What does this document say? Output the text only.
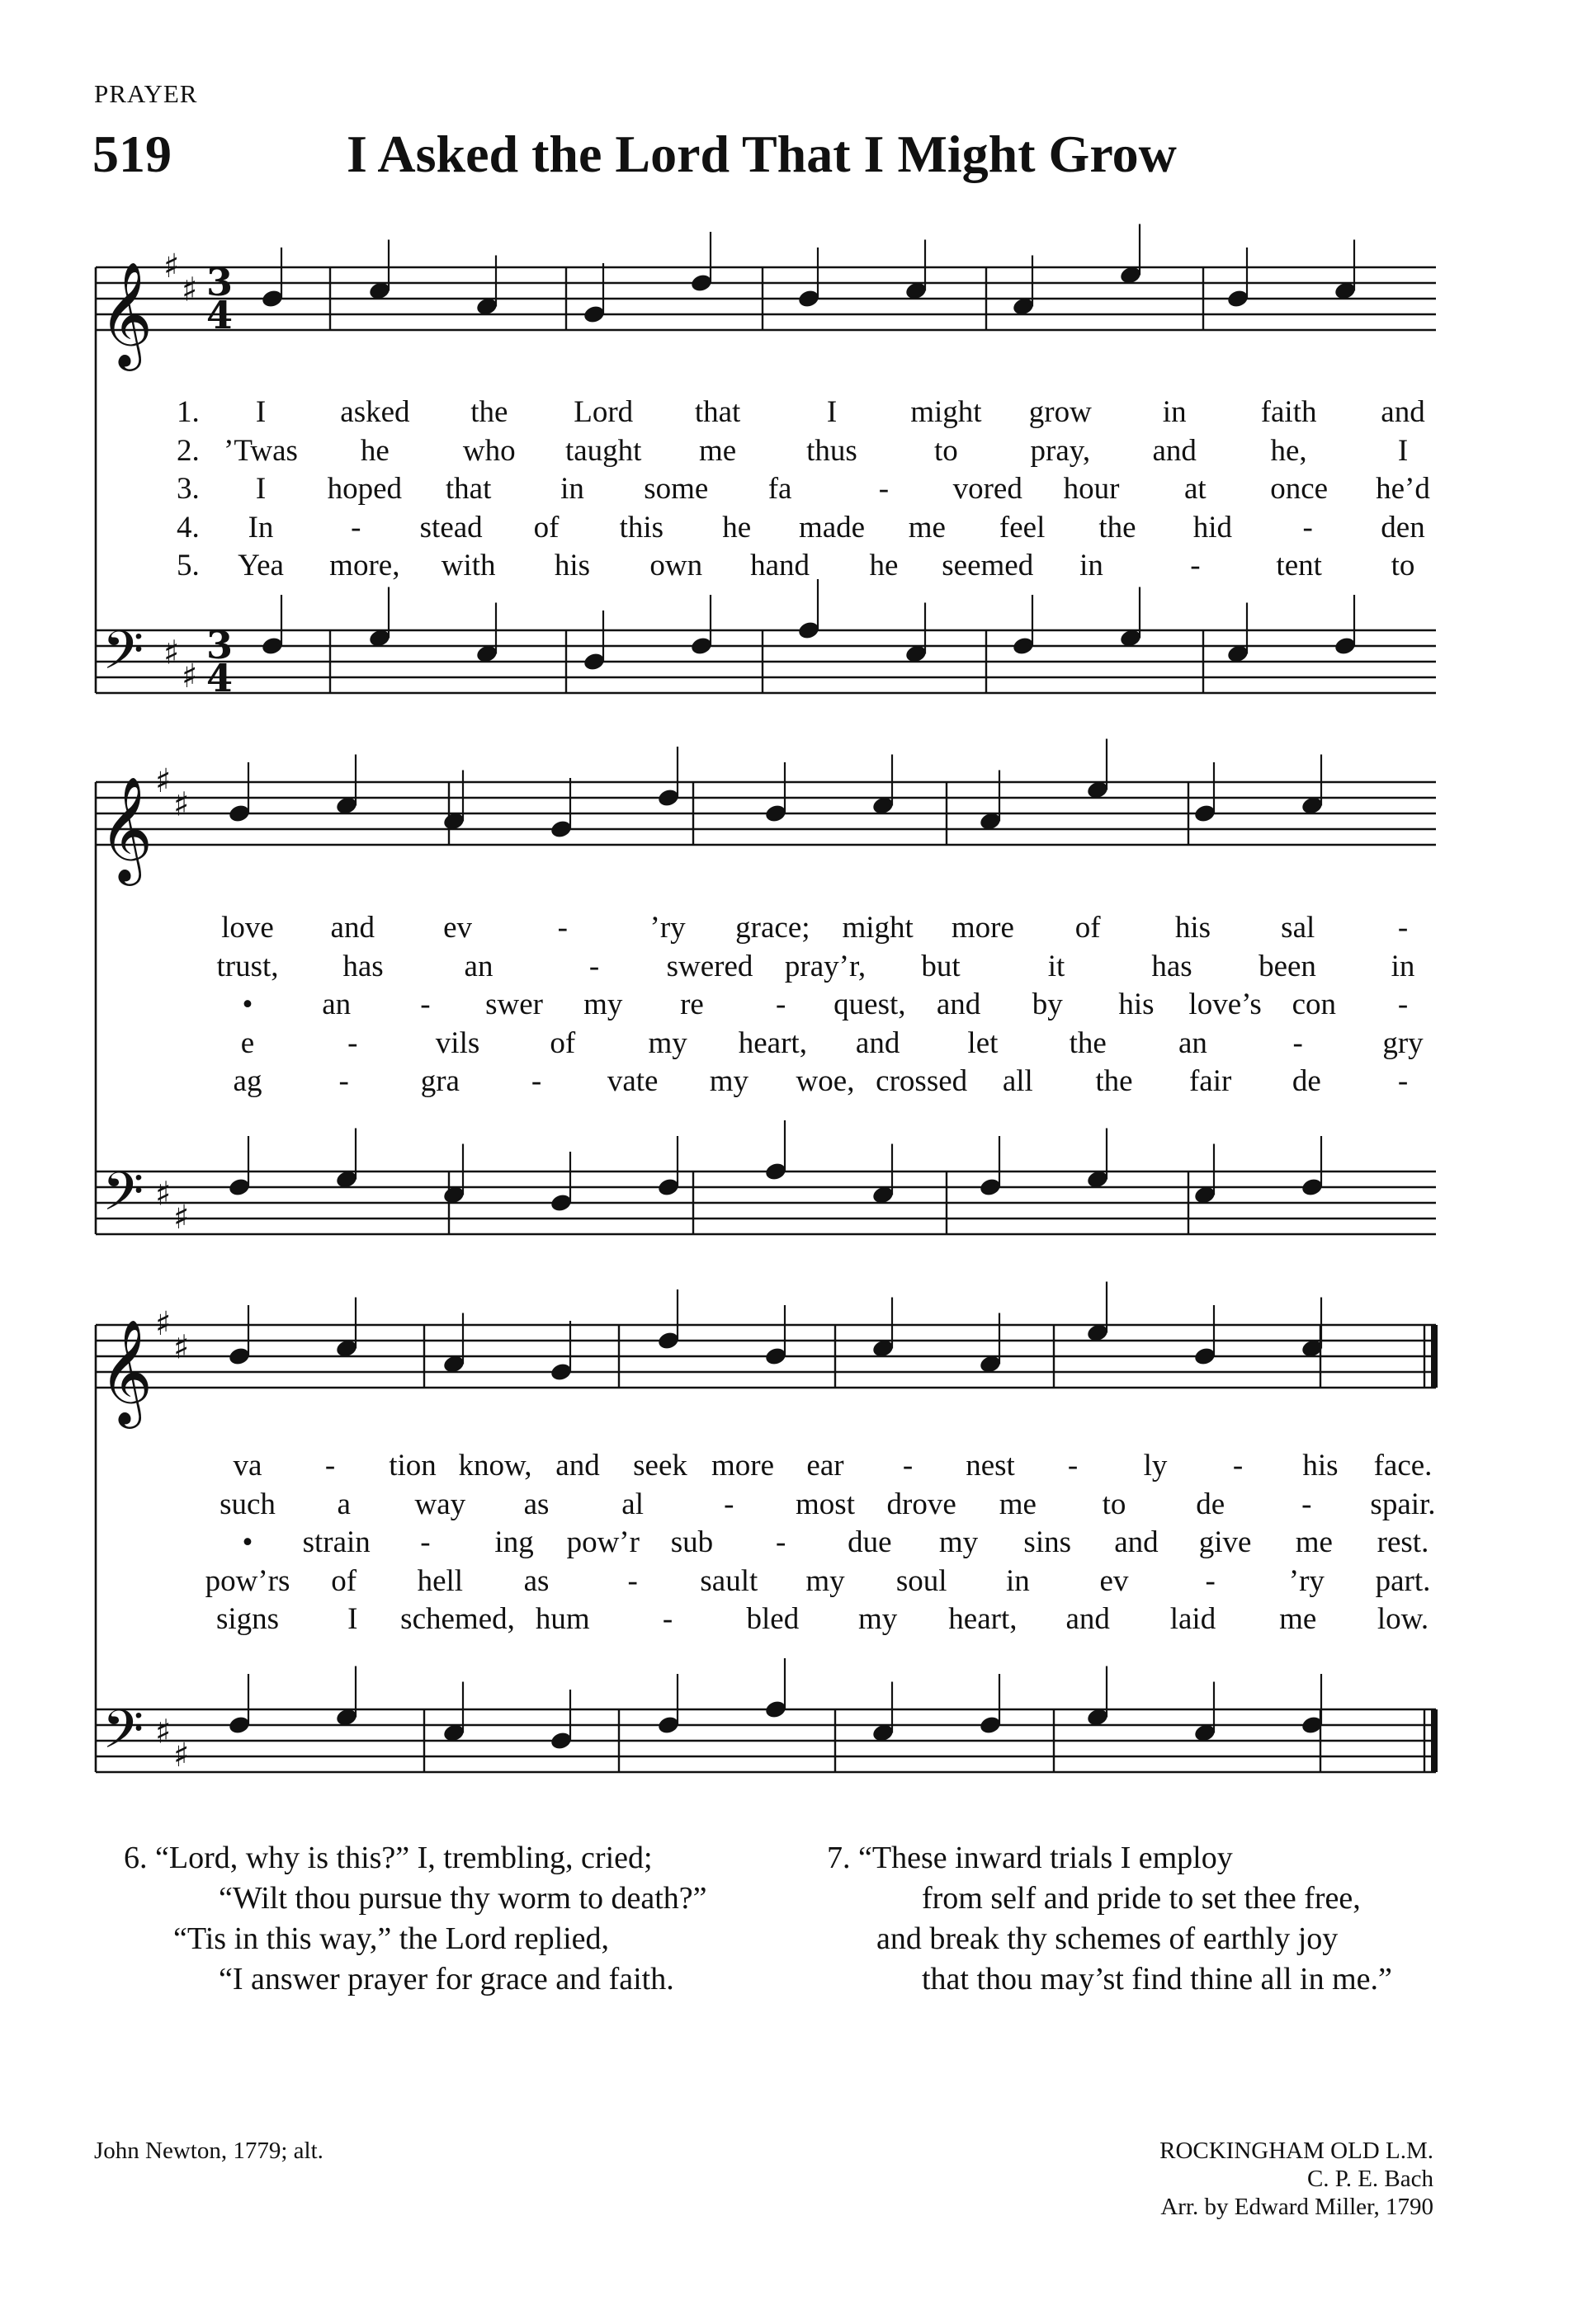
PRAYER
519	I Asked the Lord That I Might Grow
𝄞
𝄢
♯
♯
♯
♯
3
4
3
4
𝄞
𝄢
♯
♯
♯
♯
𝄞
𝄢
♯
♯
♯
♯
1. I asked the Lord that	I might grow in faith and
2. ’Twas he who taught me thus	to pray, and he,	I
3. I hoped that in some fa	- vored hour at once he’d
4. In	- stead of this he made me feel the hid - den
5. Yea more, with his own hand he seemed in	- tent to
love and ev	-	’ry grace; might more of his sal	-
trust, has	an	- swered pray’r, but	it	has been in
• an - swer my re - quest, and by his love’s con -
e	-	vils of my heart, and let the an	-	gry
ag	- gra - vate my woe, crossed all the fair de	-
va - tion know, and seek more ear - nest - ly - his face.
such a way as al	- most drove me to de	- spair.
• strain - ing pow’r sub - due my sins and give me rest.
pow’rs of hell as	- sault my soul in ev	- ’ry part.
signs I schemed, hum - bled my heart, and laid me low.
6. “Lord, why is this?” I, trembling, cried;
“Wilt thou pursue thy worm to death?”
“Tis in this way,” the Lord replied,
“I answer prayer for grace and faith.
7. “These inward trials I employ
from self and pride to set thee free,
and break thy schemes of earthly joy
that thou may’st find thine all in me.”
John Newton, 1779; alt.	ROCKINGHAM OLD L.M.
C. P. E. Bach
Arr. by Edward Miller, 1790
